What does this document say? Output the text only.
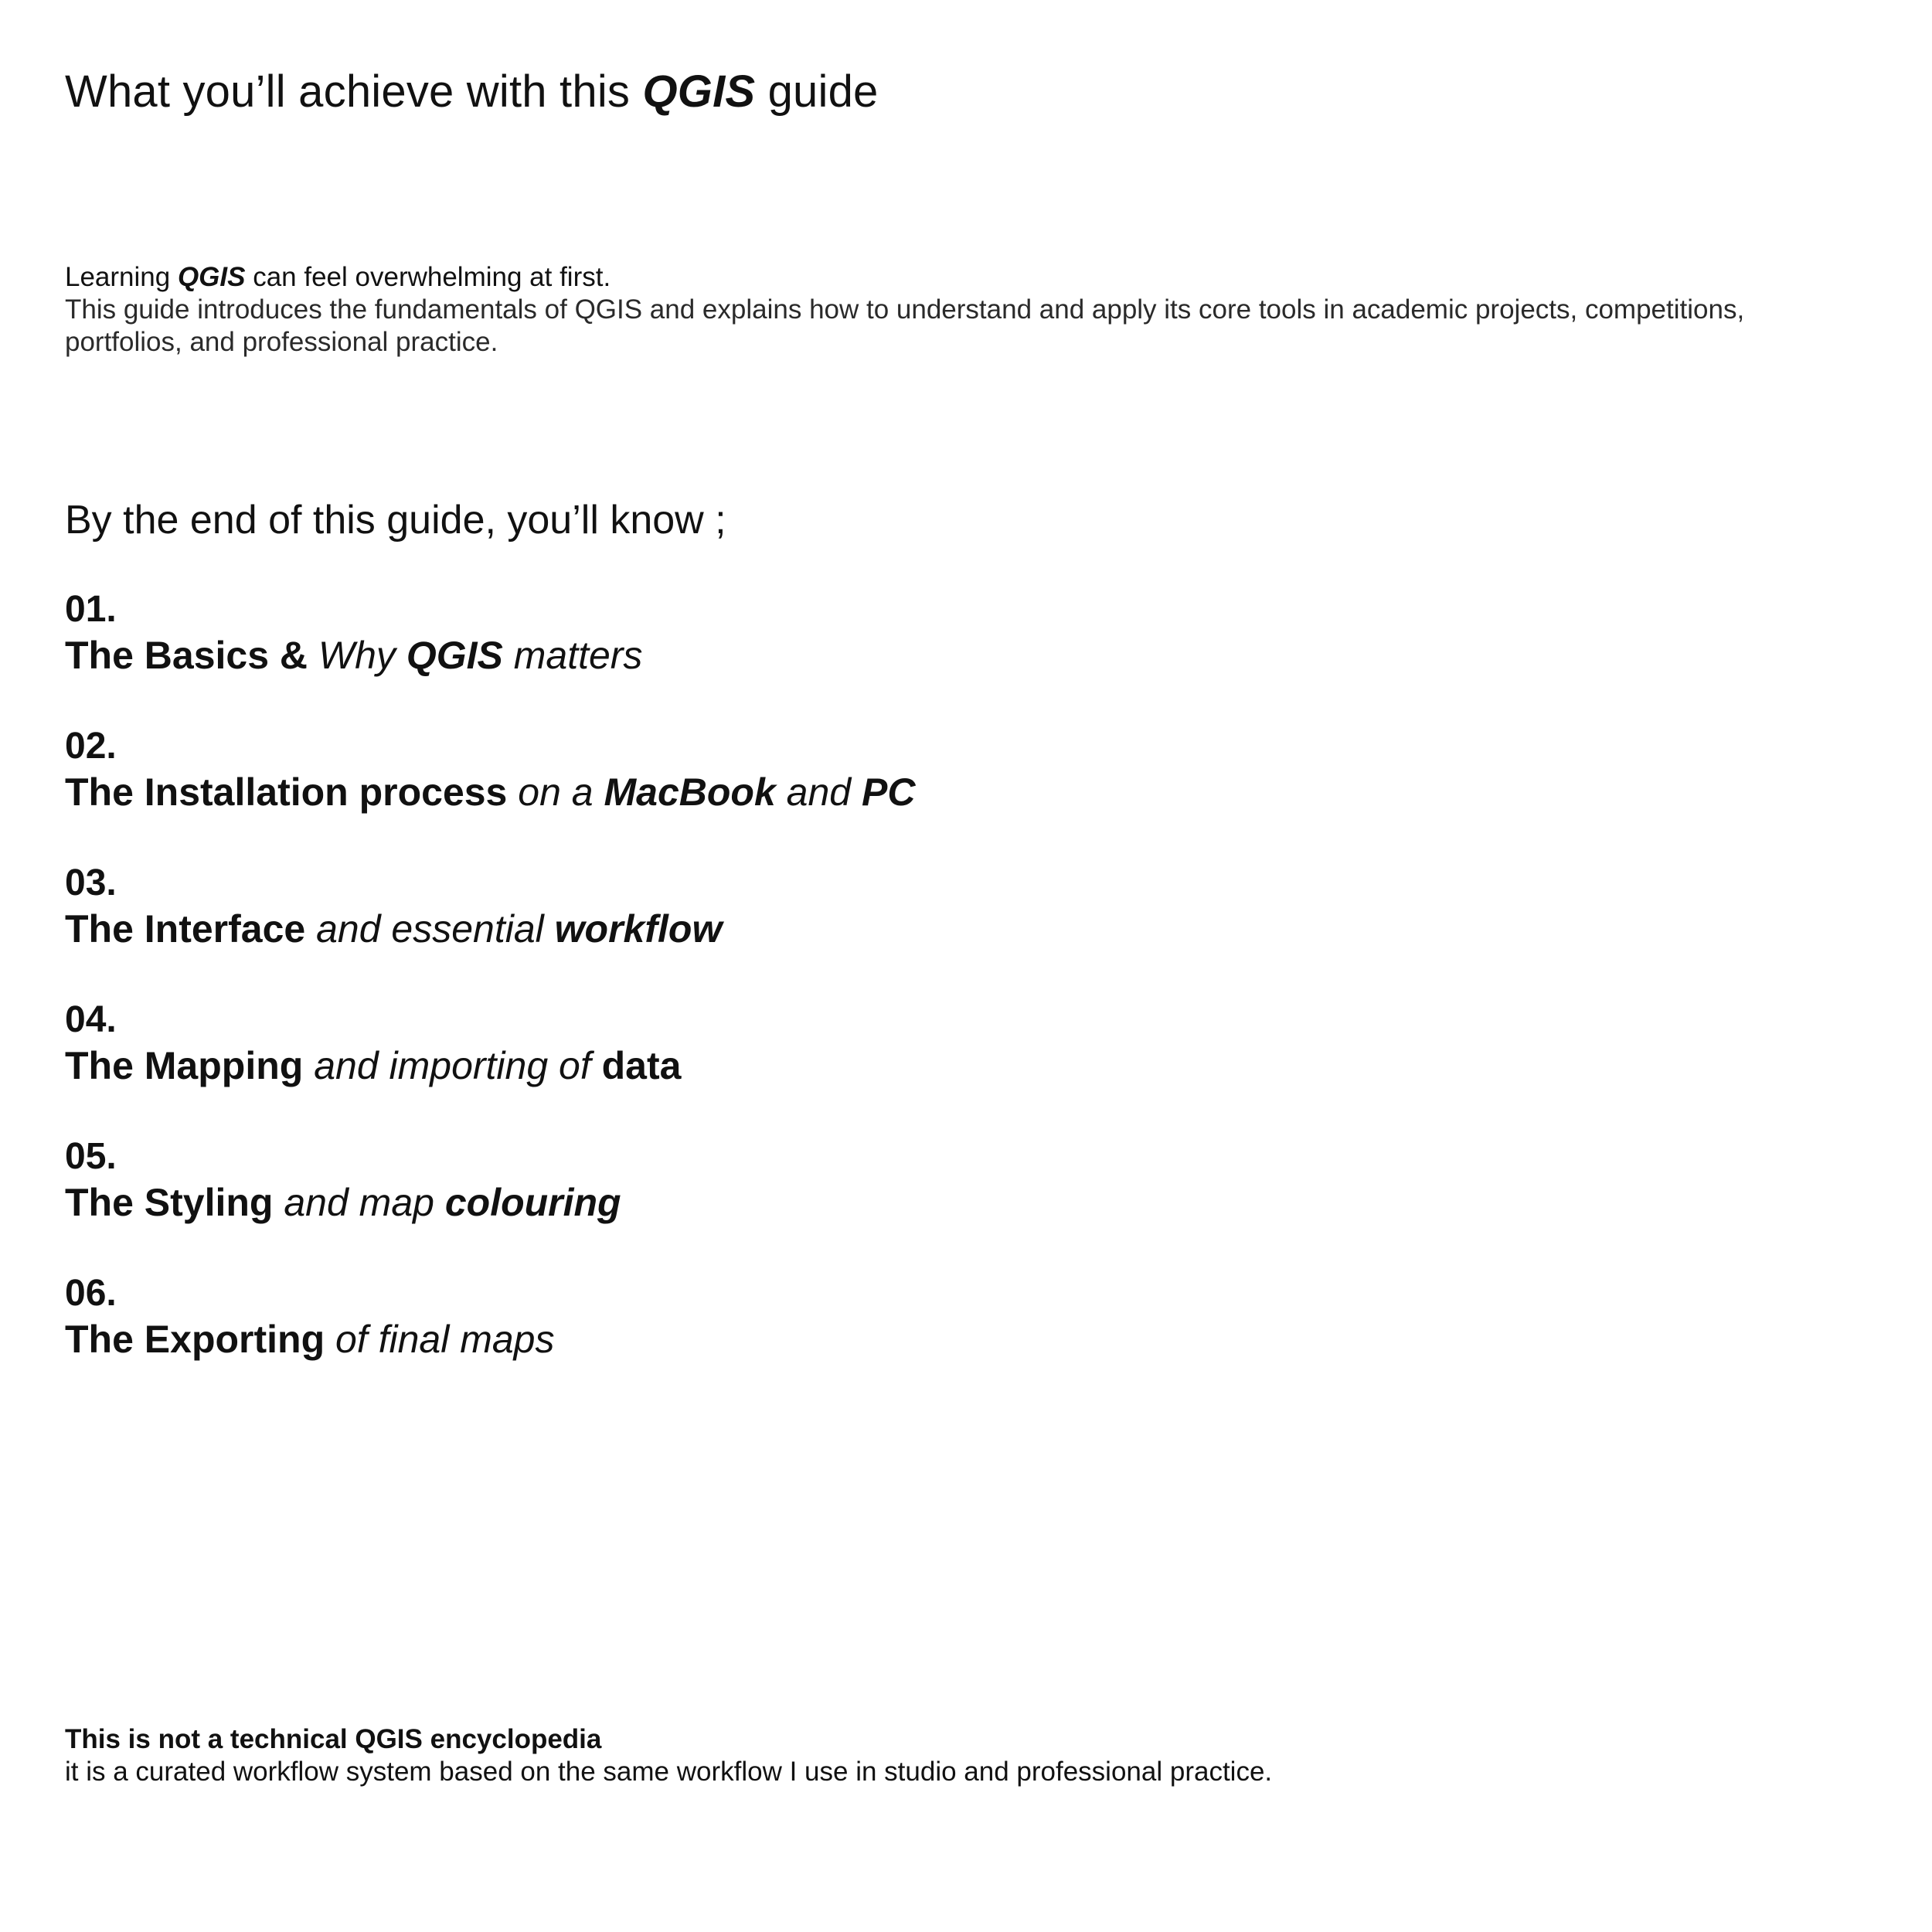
What you’ll achieve with this QGIS guide

Learning QGIS can feel overwhelming at first.

This guide introduces the fundamentals of QGIS and explains how to understand and apply its core tools in academic projects, competitions, portfolios, and professional practice.

By the end of this guide, you’ll know ;
01.
The Basics & Why QGIS matters
02.
The Installation process on a MacBook and PC
03.
The Interface and essential workflow
04.
The Mapping and importing of data
05.
The Styling and map colouring
06.
The Exporting of final maps

This is not a technical QGIS encyclopedia

it is a curated workflow system based on the same workflow I use in studio and professional practice.
